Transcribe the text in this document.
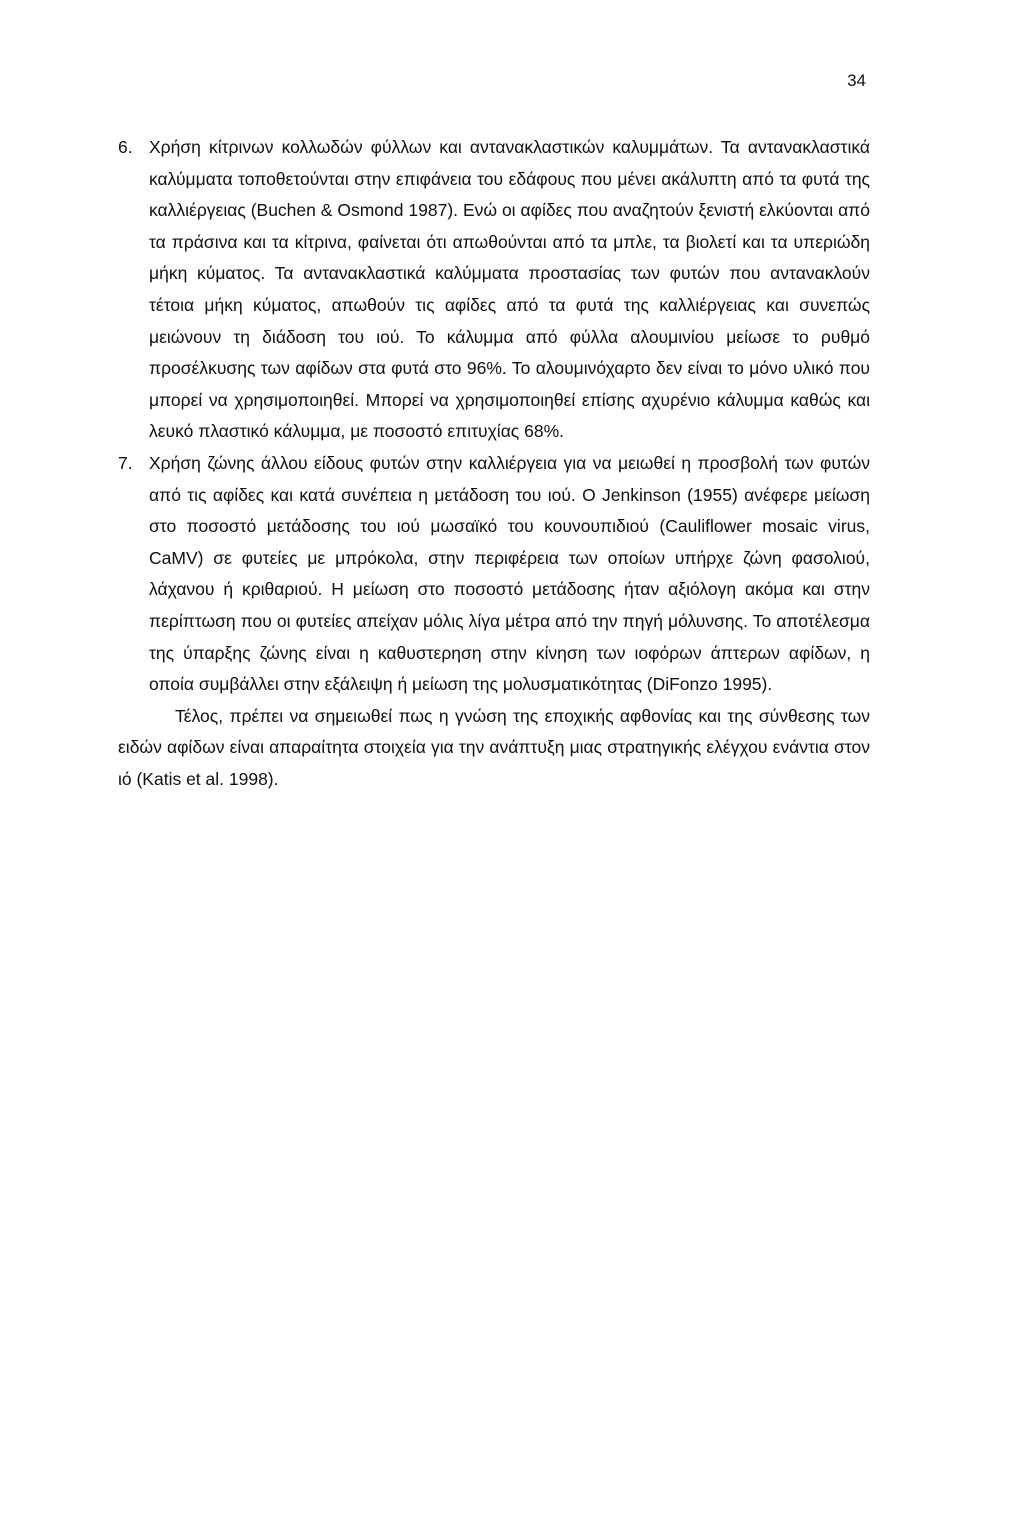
34

6. Χρήση κίτρινων κολλωδών φύλλων και αντανακλαστικών καλυμμάτων. Τα αντανακλαστικά καλύμματα τοποθετούνται στην επιφάνεια του εδάφους που μένει ακάλυπτη από τα φυτά της καλλιέργειας (Buchen & Osmond 1987). Ενώ οι αφίδες που αναζητούν ξενιστή ελκύονται από τα πράσινα και τα κίτρινα, φαίνεται ότι απωθούνται από τα μπλε, τα βιολετί και τα υπεριώδη μήκη κύματος. Τα αντανακλαστικά καλύμματα προστασίας των φυτών που αντανακλούν τέτοια μήκη κύματος, απωθούν τις αφίδες από τα φυτά της καλλιέργειας και συνεπώς μειώνουν τη διάδοση του ιού. Το κάλυμμα από φύλλα αλουμινίου μείωσε το ρυθμό προσέλκυσης των αφίδων στα φυτά στο 96%. Το αλουμινόχαρτο δεν είναι το μόνο υλικό που μπορεί να χρησιμοποιηθεί. Μπορεί να χρησιμοποιηθεί επίσης αχυρένιο κάλυμμα καθώς και λευκό πλαστικό κάλυμμα, με ποσοστό επιτυχίας 68%.

7. Χρήση ζώνης άλλου είδους φυτών στην καλλιέργεια για να μειωθεί η προσβολή των φυτών από τις αφίδες και κατά συνέπεια η μετάδοση του ιού. Ο Jenkinson (1955) ανέφερε μείωση στο ποσοστό μετάδοσης του ιού μωσαϊκό του κουνουπιδιού (Cauliflower mosaic virus, CaMV) σε φυτείες με μπρόκολα, στην περιφέρεια των οποίων υπήρχε ζώνη φασολιού, λάχανου ή κριθαριού. Η μείωση στο ποσοστό μετάδοσης ήταν αξιόλογη ακόμα και στην περίπτωση που οι φυτείες απείχαν μόλις λίγα μέτρα από την πηγή μόλυνσης. Το αποτέλεσμα της ύπαρξης ζώνης είναι η καθυστερηση στην κίνηση των ιοφόρων άπτερων αφίδων, η οποία συμβάλλει στην εξάλειψη ή μείωση της μολυσματικότητας (DiFonzo 1995).

Τέλος, πρέπει να σημειωθεί πως η γνώση της εποχικής αφθονίας και της σύνθεσης των ειδών αφίδων είναι απαραίτητα στοιχεία για την ανάπτυξη μιας στρατηγικής ελέγχου ενάντια στον ιό (Katis et al. 1998).
